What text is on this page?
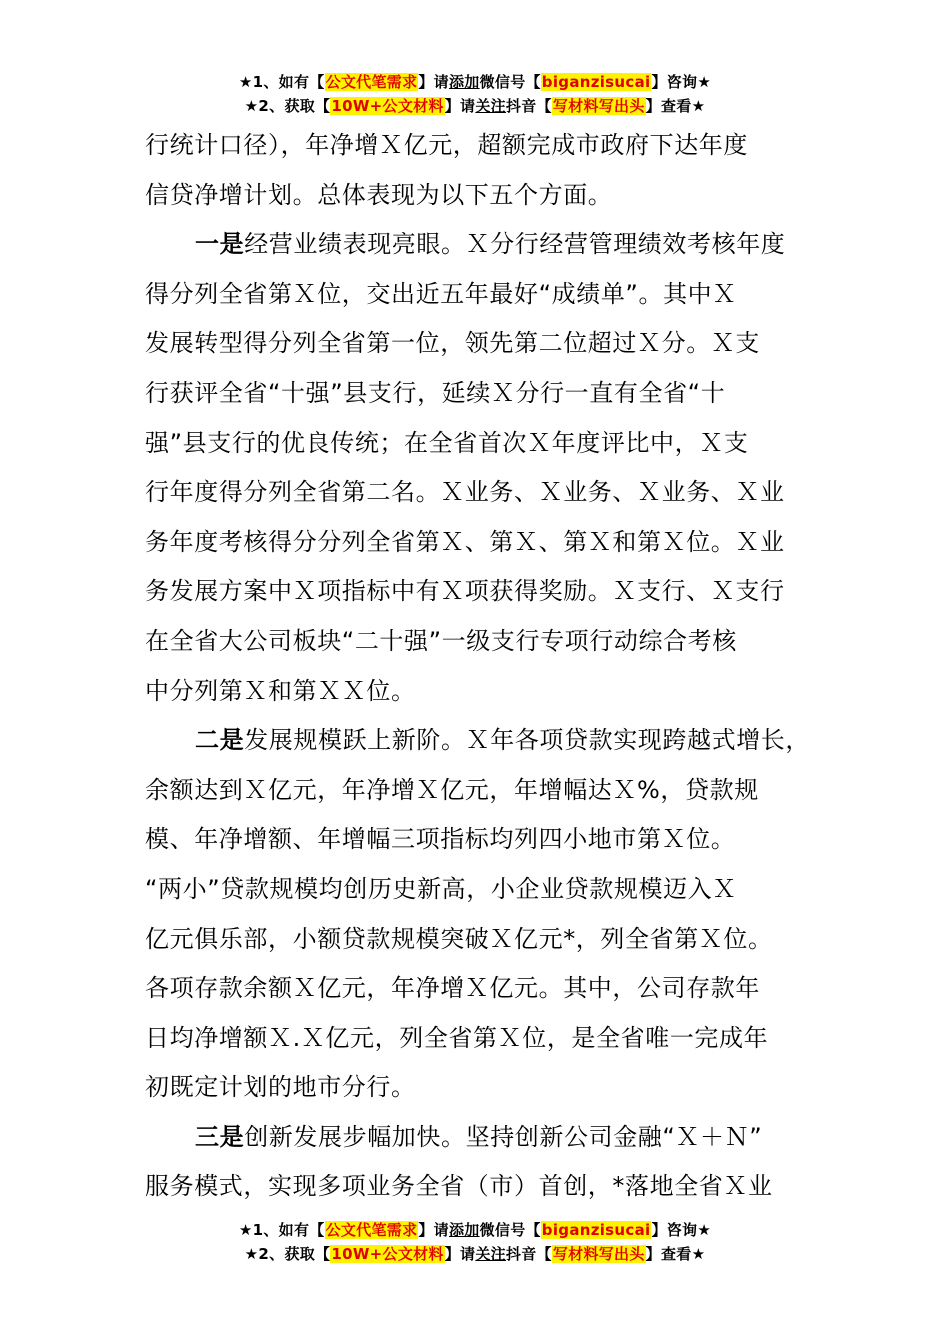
★1、如有【公文代笔需求】请添加微信号【biganzisucai】咨询★
★2、获取【10W+公文材料】请关注抖音【写材料写出头】查看★

行统计口径），年净增Ｘ亿元，超额完成市政府下达年度
信贷净增计划。总体表现为以下五个方面。

一是经营业绩表现亮眼。Ｘ分行经营管理绩效考核年度
得分列全省第Ｘ位，交出近五年最好“成绩单”。其中Ｘ
发展转型得分列全省第一位，领先第二位超过Ｘ分。Ｘ支
行获评全省“十强”县支行，延续Ｘ分行一直有全省“十
强”县支行的优良传统；在全省首次Ｘ年度评比中，Ｘ支
行年度得分列全省第二名。Ｘ业务、Ｘ业务、Ｘ业务、Ｘ业
务年度考核得分分列全省第Ｘ、第Ｘ、第Ｘ和第Ｘ位。Ｘ业
务发展方案中Ｘ项指标中有Ｘ项获得奖励。Ｘ支行、Ｘ支行
在全省大公司板块“二十强”一级支行专项行动综合考核
中分列第Ｘ和第ＸＸ位。

二是发展规模跃上新阶。Ｘ年各项贷款实现跨越式增长，
余额达到Ｘ亿元，年净增Ｘ亿元，年增幅达Ｘ%，贷款规
模、年净增额、年增幅三项指标均列四小地市第Ｘ位。
“两小”贷款规模均创历史新高，小企业贷款规模迈入Ｘ
亿元俱乐部，小额贷款规模突破Ｘ亿元*，列全省第Ｘ位。
各项存款余额Ｘ亿元，年净增Ｘ亿元。其中，公司存款年
日均净增额Ｘ.Ｘ亿元，列全省第Ｘ位，是全省唯一完成年
初既定计划的地市分行。

三是创新发展步幅加快。坚持创新公司金融“Ｘ＋Ｎ”
服务模式，实现多项业务全省（市）首创，*落地全省Ｘ业

★1、如有【公文代笔需求】请添加微信号【biganzisucai】咨询★
★2、获取【10W+公文材料】请关注抖音【写材料写出头】查看★
